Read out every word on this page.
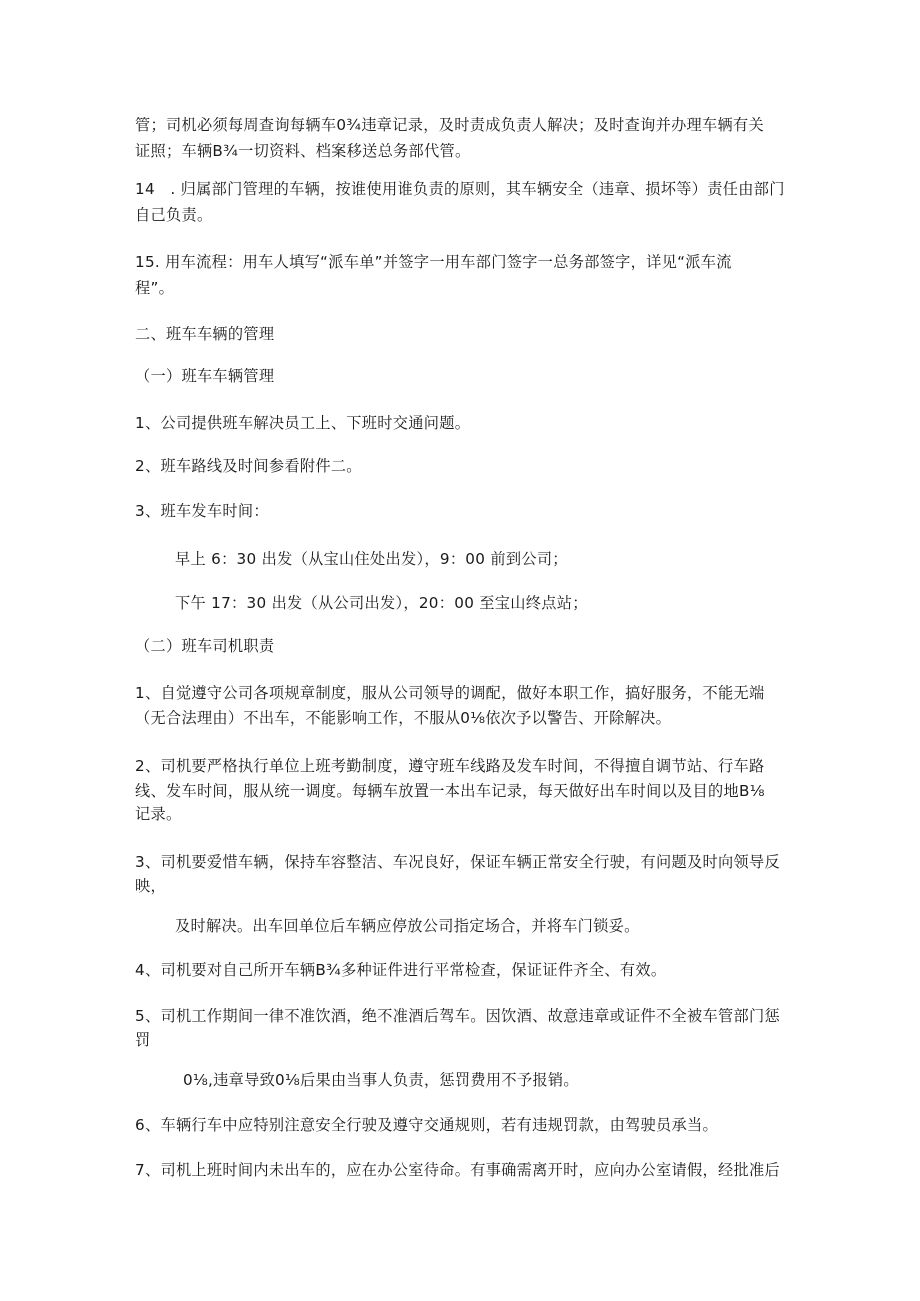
管；司机必须每周查询每辆车0¾违章记录，及时责成负责人解决；及时查询并办理车辆有关
证照；车辆B¾一切资料、档案移送总务部代管。
14　. 归属部门管理的车辆，按谁使用谁负责的原则，其车辆安全（违章、损坏等）责任由部门
自己负责。
15. 用车流程：用车人填写“派车单”并签字一用车部门签字一总务部签字，详见“派车流
程”。
二、班车车辆的管理
（一）班车车辆管理
1、公司提供班车解决员工上、下班时交通问题。
2、班车路线及时间参看附件二。
3、班车发车时间：
早上 6：30 出发（从宝山住处出发），9：00 前到公司；
下午 17：30 出发（从公司出发），20：00 至宝山终点站；
（二）班车司机职责
1、自觉遵守公司各项规章制度，服从公司领导的调配，做好本职工作，搞好服务，不能无端
（无合法理由）不出车，不能影响工作，不服从0⅛依次予以警告、开除解决。
2、司机要严格执行单位上班考勤制度，遵守班车线路及发车时间，不得擅自调节站、行车路
线、发车时间，服从统一调度。每辆车放置一本出车记录，每天做好出车时间以及目的地B⅛
记录。
3、司机要爱惜车辆，保持车容整洁、车况良好，保证车辆正常安全行驶，有问题及时向领导反
映，
及时解决。出车回单位后车辆应停放公司指定场合，并将车门锁妥。
4、司机要对自己所开车辆B¾多种证件进行平常检查，保证证件齐全、有效。
5、司机工作期间一律不准饮酒，绝不准酒后驾车。因饮酒、故意违章或证件不全被车管部门惩
罚
0⅛,违章导致0⅛后果由当事人负责，惩罚费用不予报销。
6、车辆行车中应特别注意安全行驶及遵守交通规则，若有违规罚款，由驾驶员承当。
7、司机上班时间内未出车的，应在办公室待命。有事确需离开时，应向办公室请假，经批准后
